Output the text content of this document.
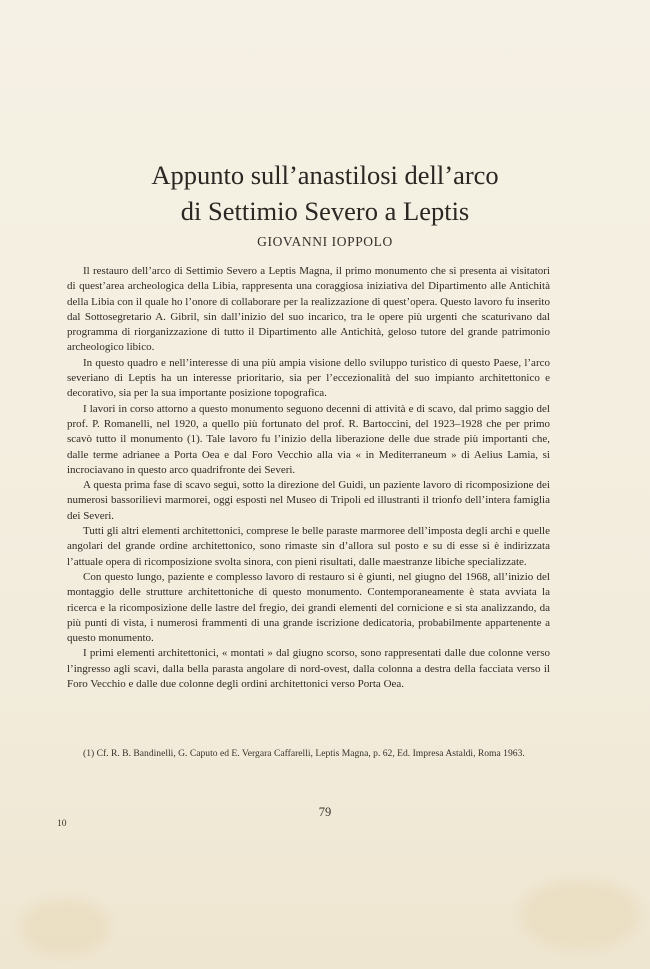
Appunto sull’anastilosi dell’arco
di Settimio Severo a Leptis
GIOVANNI IOPPOLO

Il restauro dell’arco di Settimio Severo a Leptis Magna, il primo monumento che si presenta ai visitatori di quest’area archeologica della Libia, rappresenta una coraggiosa iniziativa del Dipartimento alle Antichità della Libia con il quale ho l’onore di collaborare per la realizzazione di quest’opera. Questo lavoro fu inserito dal Sottosegretario A. Gibril, sin dall’inizio del suo incarico, tra le opere più urgenti che scaturivano dal programma di riorganizzazione di tutto il Dipartimento alle Antichità, geloso tutore del grande patrimonio archeologico libico.

In questo quadro e nell’interesse di una più ampia visione dello sviluppo turistico di questo Paese, l’arco severiano di Leptis ha un interesse prioritario, sia per l’eccezionalità del suo impianto architettonico e decorativo, sia per la sua importante posizione topografica.

I lavori in corso attorno a questo monumento seguono decenni di attività e di scavo, dal primo saggio del prof. P. Romanelli, nel 1920, a quello più fortunato del prof. R. Bartoccini, del 1923–1928 che per primo scavò tutto il monumento (1). Tale lavoro fu l’inizio della liberazione delle due strade più importanti che, dalle terme adrianee a Porta Oea e dal Foro Vecchio alla via « in Mediterraneum » di Aelius Lamia, si incrociavano in questo arco quadrifronte dei Severi.

A questa prima fase di scavo seguì, sotto la direzione del Guidi, un paziente lavoro di ricomposizione dei numerosi bassorilievi marmorei, oggi esposti nel Museo di Tripoli ed illustranti il trionfo dell’intera famiglia dei Severi.

Tutti gli altri elementi architettonici, comprese le belle paraste marmoree dell’imposta degli archi e quelle angolari del grande ordine architettonico, sono rimaste sin d’allora sul posto e su di esse si è indirizzata l’attuale opera di ricomposizione svolta sinora, con pieni risultati, dalle maestranze libiche specializzate.

Con questo lungo, paziente e complesso lavoro di restauro si è giunti, nel giugno del 1968, all’inizio del montaggio delle strutture architettoniche di questo monumento. Contemporaneamente è stata avviata la ricerca e la ricomposizione delle lastre del fregio, dei grandi elementi del cornicione e si sta analizzando, da più punti di vista, i numerosi frammenti di una grande iscrizione dedicatoria, probabilmente appartenente a questo monumento.

I primi elementi architettonici, « montati » dal giugno scorso, sono rappresentati dalle due colonne verso l’ingresso agli scavi, dalla bella parasta angolare di nord-ovest, dalla colonna a destra della facciata verso il Foro Vecchio e dalle due colonne degli ordini architettonici verso Porta Oea.

(1) Cf. R. B. Bandinelli, G. Caputo ed E. Vergara Caffarelli, Leptis Magna, p. 62, Ed. Impresa Astaldi, Roma 1963.
79
10
